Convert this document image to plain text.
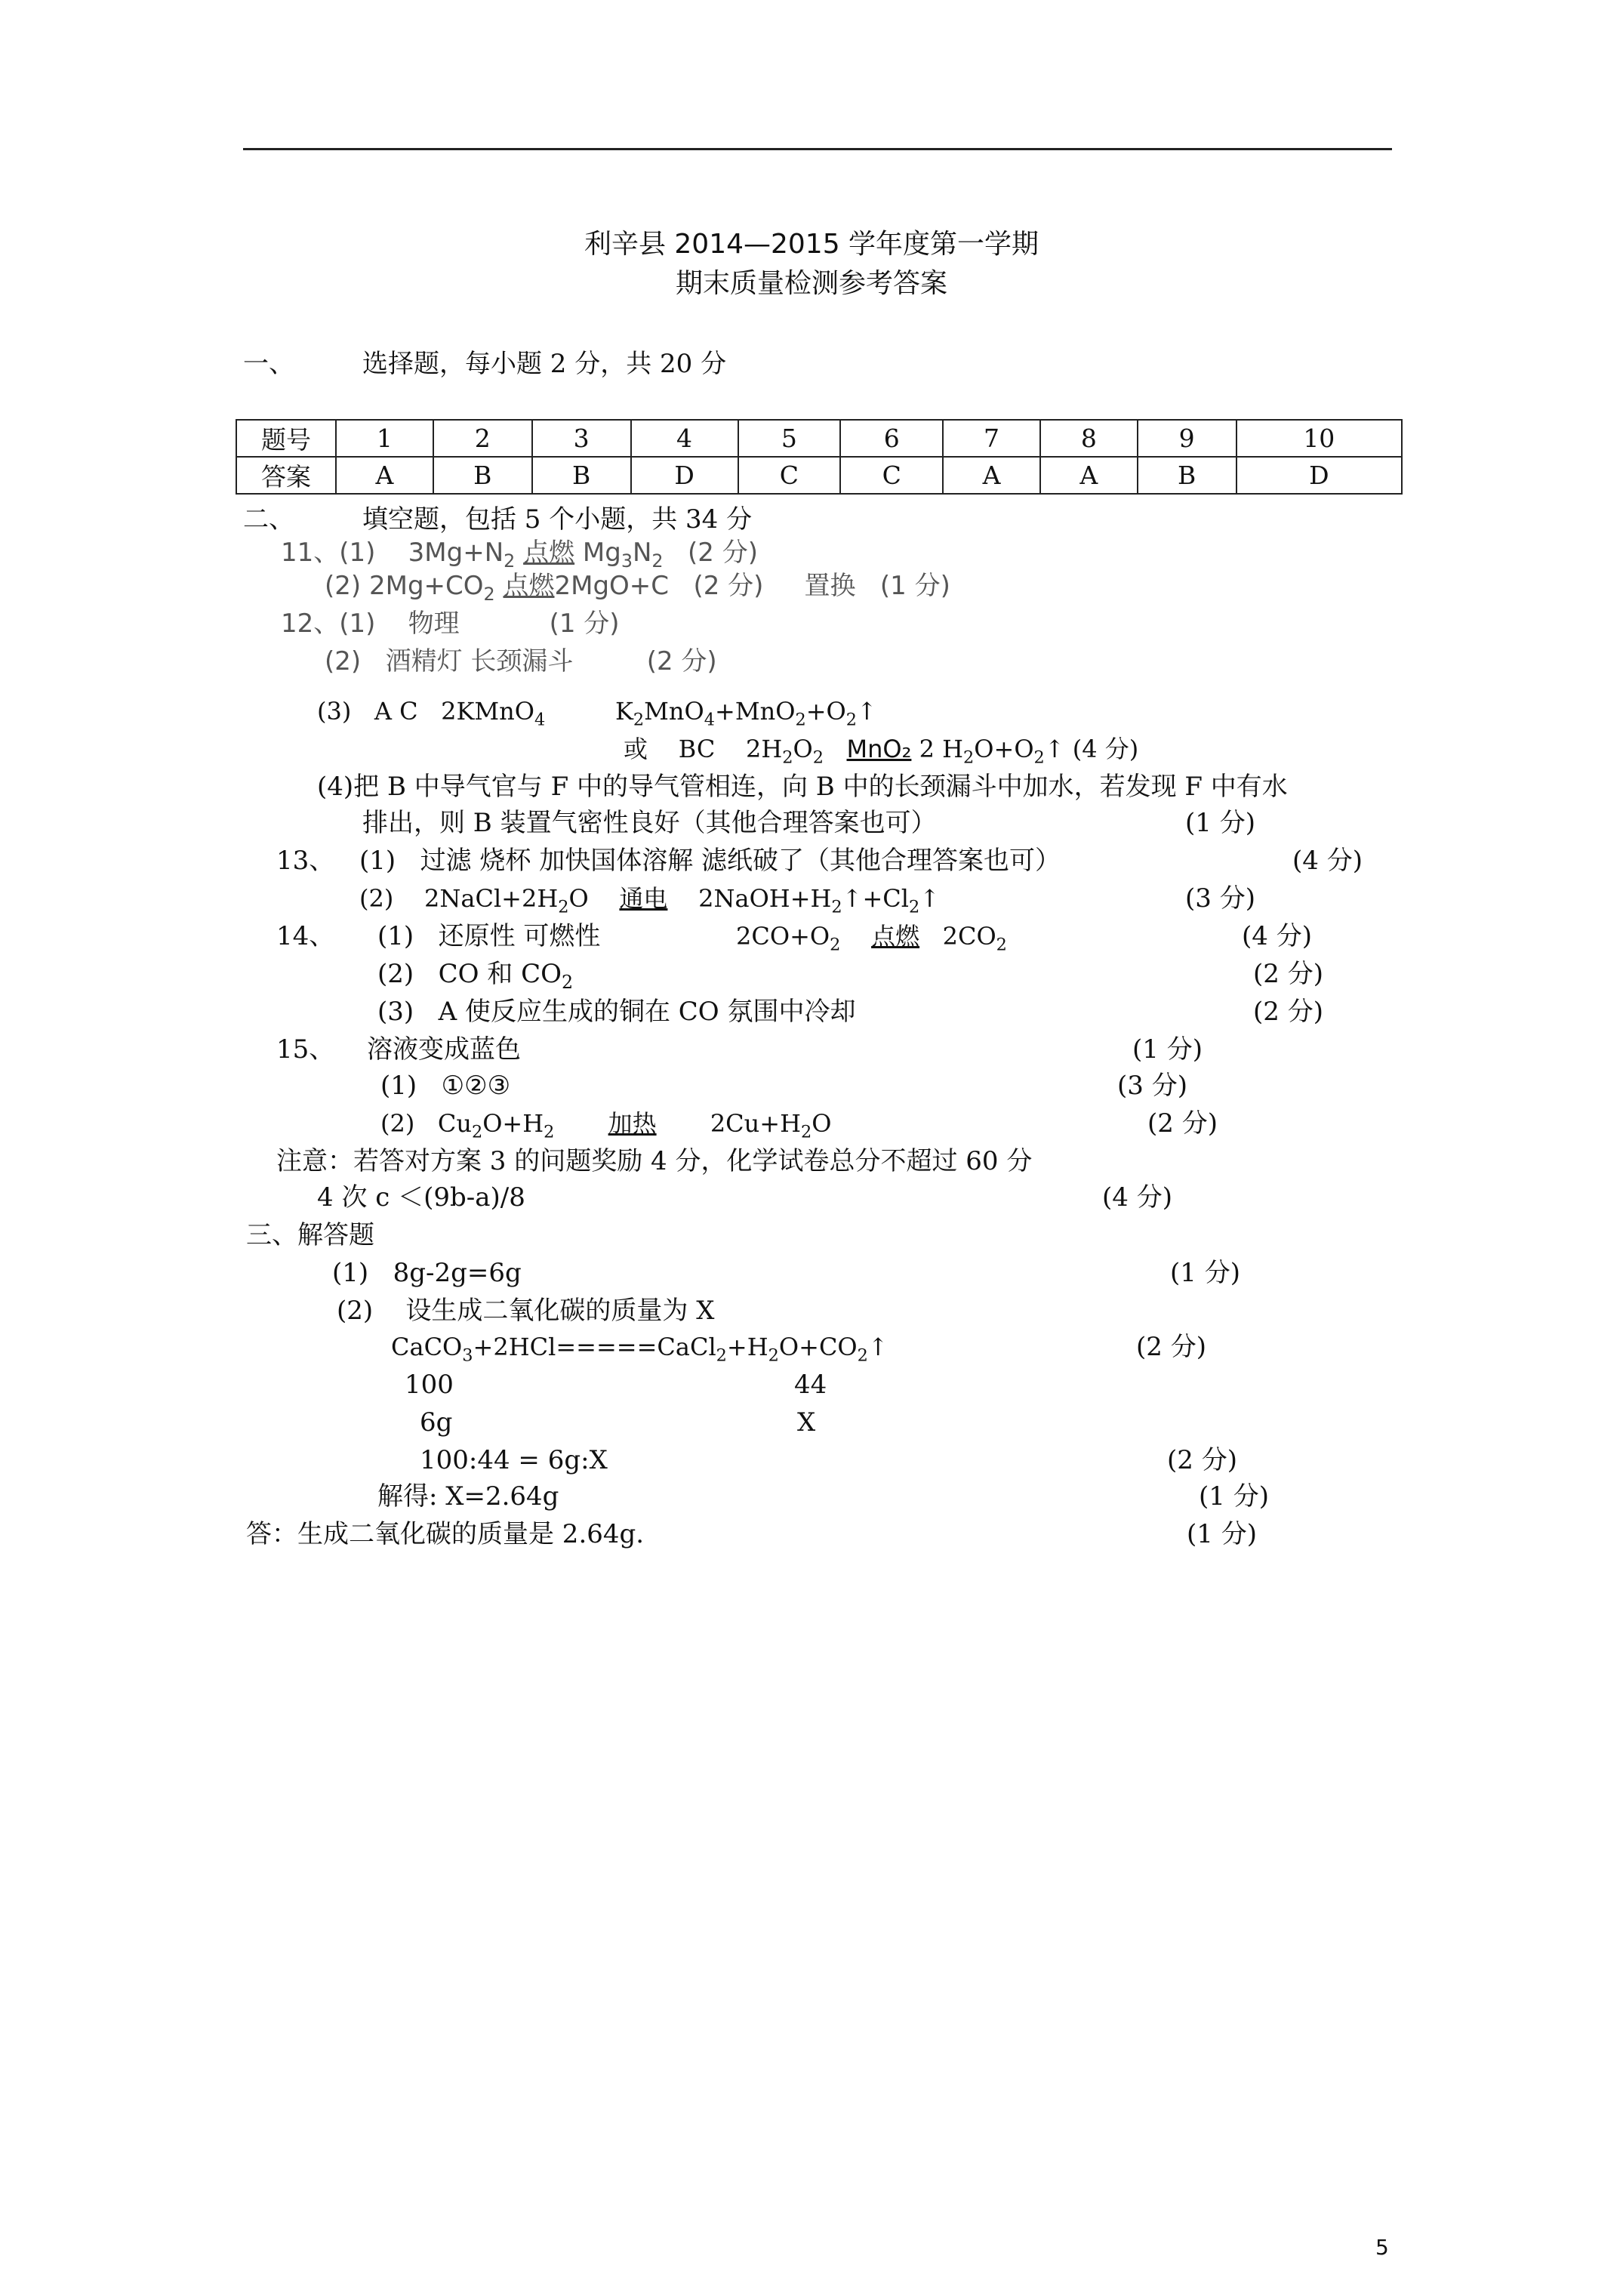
利辛县 2014—2015 学年度第一学期
期末质量检测参考答案
一、	选择题，每小题 2 分，共 20 分
题号	1	2	3	4	5	6	7	8	9	10
答案	A	B	B	D	C	C	A	A	B	D
二、	填空题，包括 5 个小题，共 34 分
11、(1) $3Mg+N_2$ 点燃 $Mg_3N_2$ (2 分)
(2) $2Mg+CO_2$ 点燃2MgO+C (2 分) 置换 (1 分)
12、(1) 物理	(1 分)
(2) 酒精灯 长颈漏斗	(2 分)
(3) A C 2KMnO$_4$	$K_2MnO_4+MnO_2+O_2↑$
或 BC $2H_2O_2$ MnO₂ 2 $H_2O+O_2↑$ (4 分)
(4)把 B 中导气官与 F 中的导气管相连，向 B 中的长颈漏斗中加水，若发现 F 中有水
排出，则 B 装置气密性良好（其他合理答案也可）	(1 分)
13、 (1) 过滤 烧杯 加快国体溶解 滤纸破了（其他合理答案也可）	(4 分)
(2) $2NaCl+2H_2O$ 通电 $2NaOH+H_2↑+Cl_2↑$	(3 分)
14、 (1) 还原性 可燃性	$2CO+O_2$ 点燃 $2CO_2$	(4 分)
(2) CO 和 $CO_2$	(2 分)
(3) A 使反应生成的铜在 CO 氛围中冷却	(2 分)
15、 溶液变成蓝色	(1 分)
(1) ①②③	(3 分)
(2) $Cu_2O+H_2$ 加热 $2Cu+H_2O$	(2 分)
注意：若答对方案 3 的问题奖励 4 分，化学试卷总分不超过 60 分
4 次 c ＜(9b-a)/8	(4 分)
三、解答题
(1) 8g-2g=6g	(1 分)
(2) 设生成二氧化碳的质量为 X
$CaCO_3+2HCl=====CaCl_2+H_2O+CO_2↑$	(2 分)
100	44
6g	X
100:44 = 6g:X	(2 分)
解得: X=2.64g	(1 分)
答：生成二氧化碳的质量是 2.64g.	(1 分)
5
